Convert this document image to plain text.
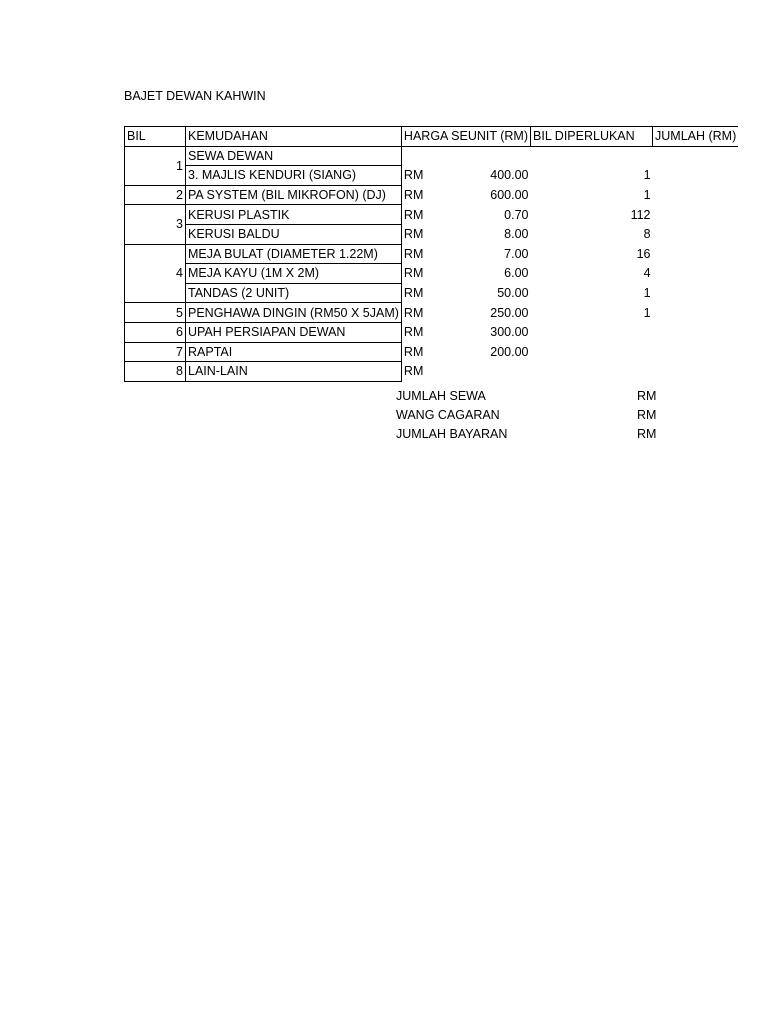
BAJET DEWAN KAHWIN
BIL	KEMUDAHAN	HARGA SEUNIT (RM)		BIL DIPERLUKAN	JUMLAH (RM)
1	SEWA DEWAN				
	3. MAJLIS KENDURI (SIANG)	RM	400.00	1	
2	PA SYSTEM (BIL MIKROFON) (DJ)	RM	600.00	1	
3	KERUSI PLASTIK	RM	0.70	112	
	KERUSI BALDU	RM	8.00	8	
4	MEJA BULAT (DIAMETER 1.22M)	RM	7.00	16	
	MEJA KAYU (1M X 2M)	RM	6.00	4	
	TANDAS (2 UNIT)	RM	50.00	1	
5	PENGHAWA DINGIN (RM50 X 5JAM)	RM	250.00	1	
6	UPAH PERSIAPAN DEWAN	RM	300.00		
7	RAPTAI	RM	200.00		
8	LAIN-LAIN	RM			
JUMLAH SEWA	RM
WANG CAGARAN	RM
JUMLAH BAYARAN	RM
